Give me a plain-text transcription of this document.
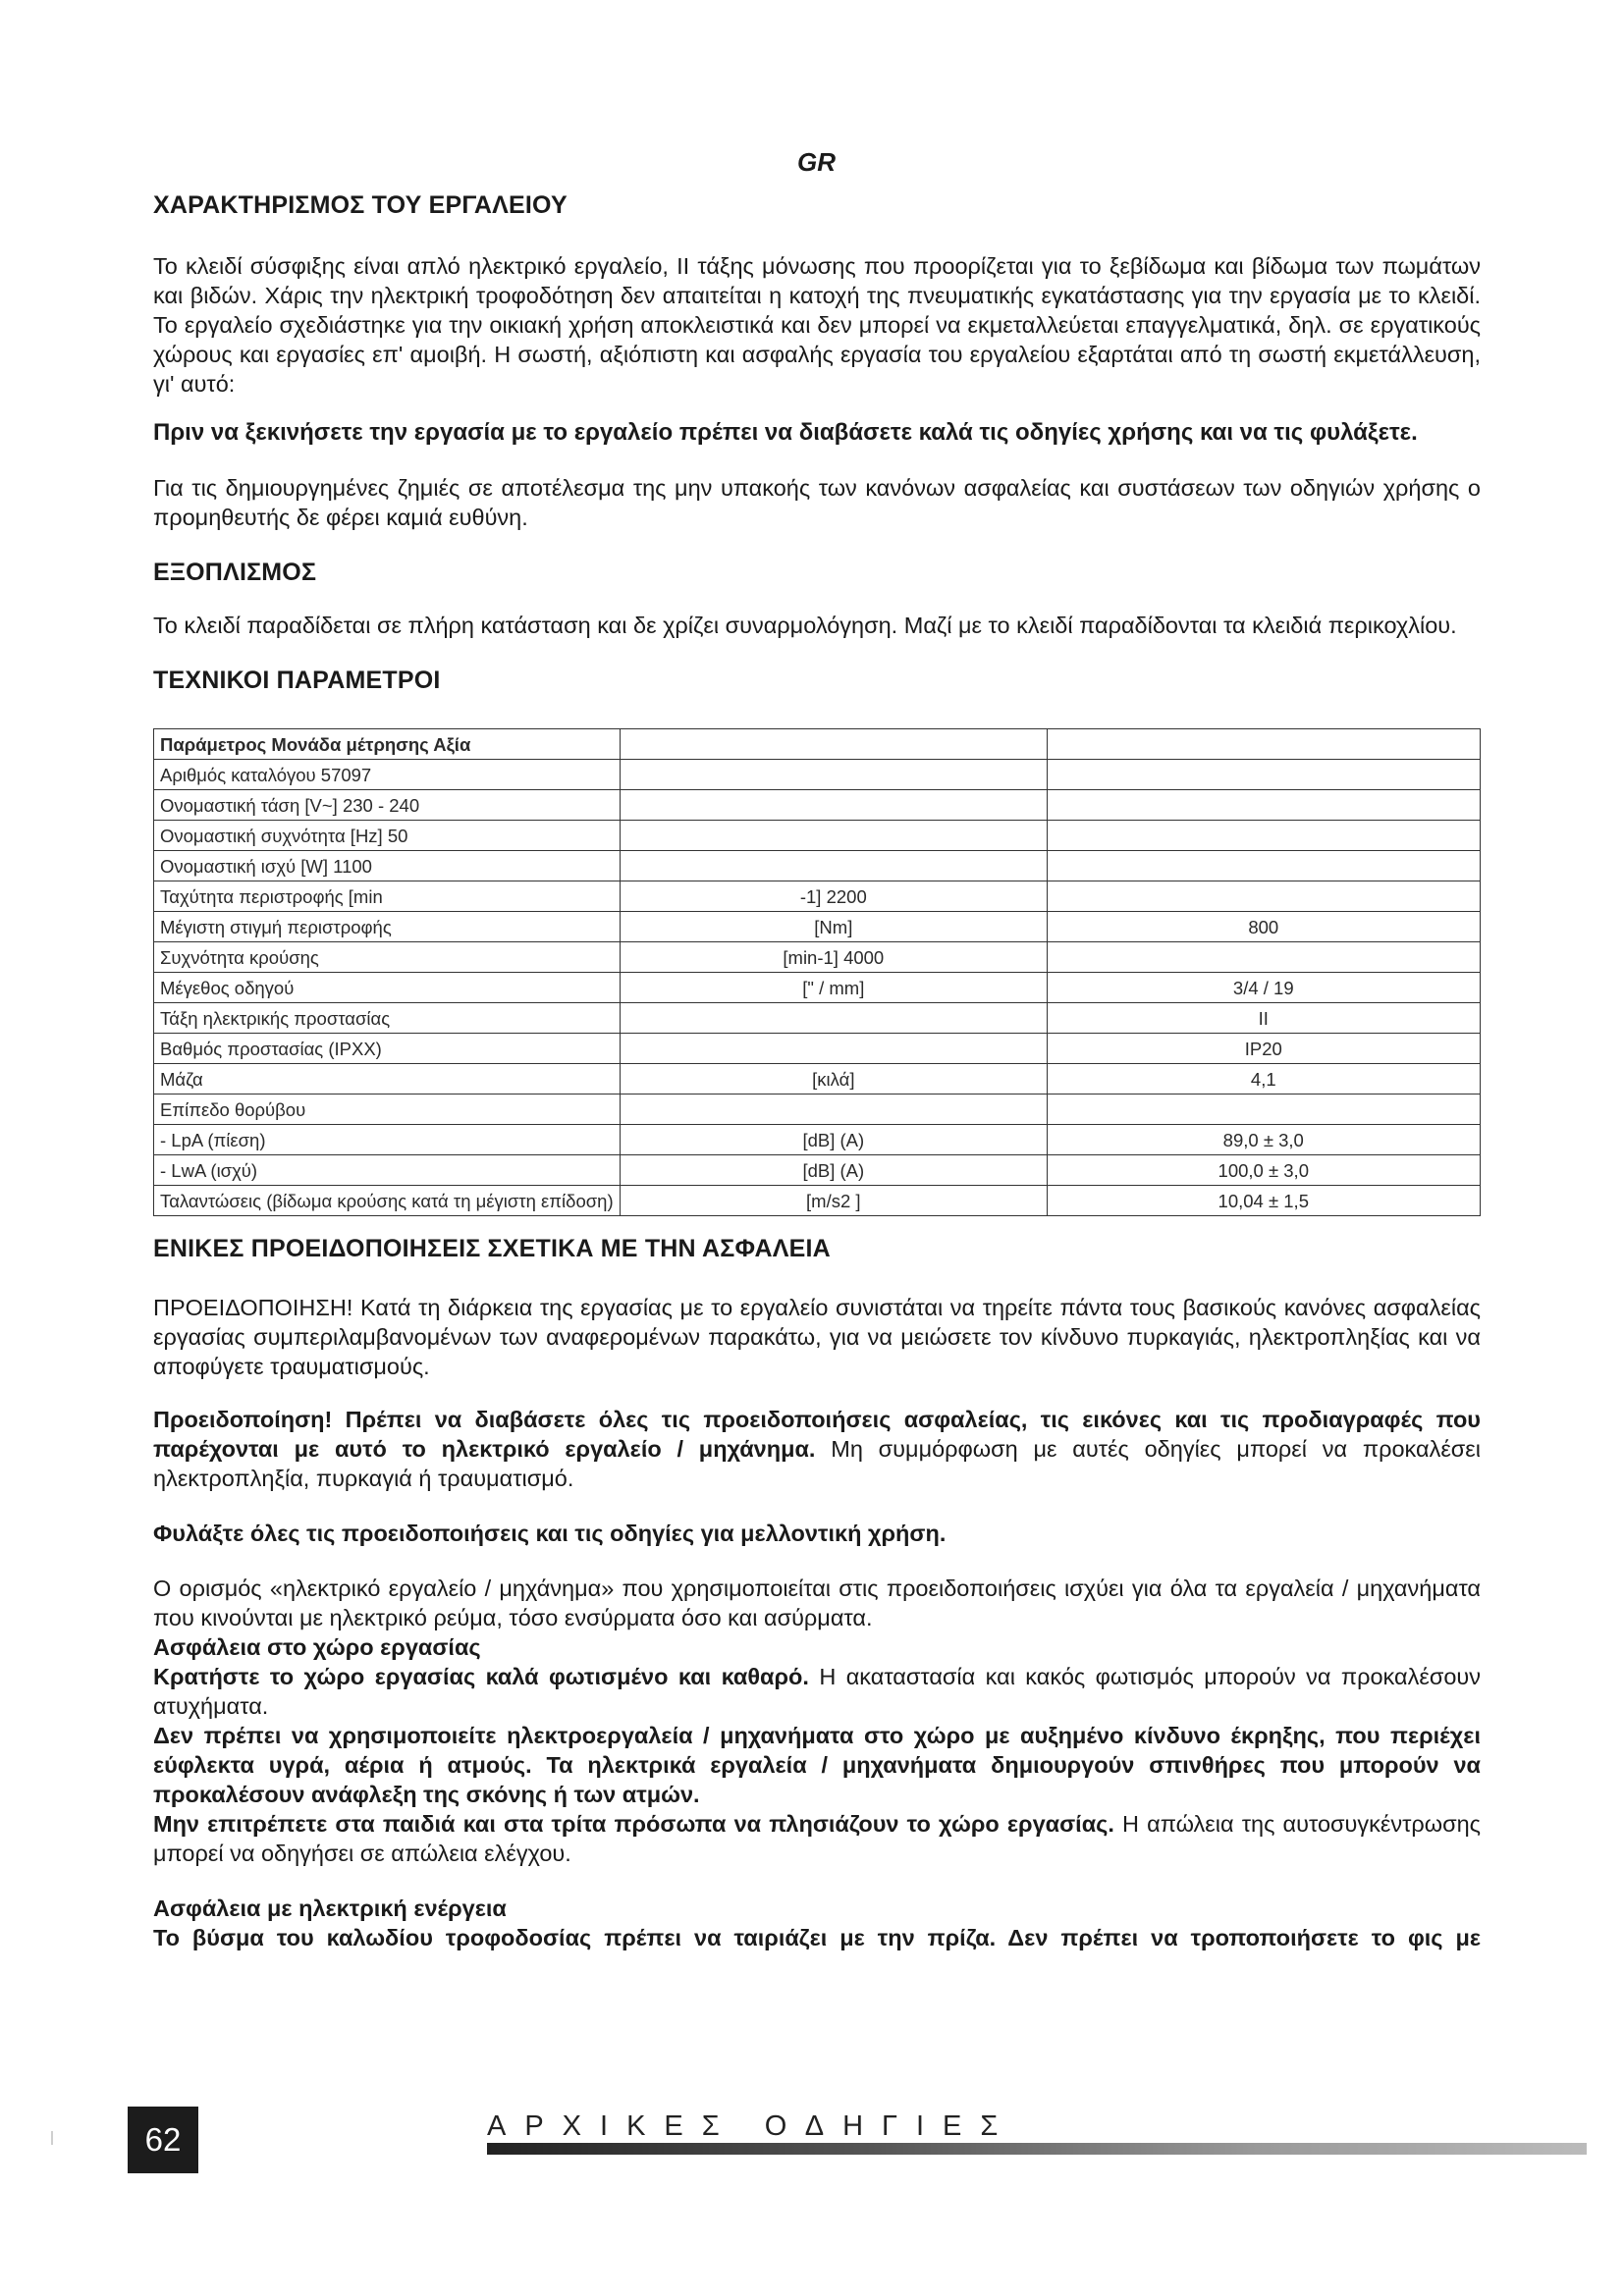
GR
ΧΑΡΑΚΤΗΡΙΣΜΟΣ ΤΟΥ ΕΡΓΑΛΕΙΟΥ

Το κλειδί σύσφιξης είναι απλό ηλεκτρικό εργαλείο, II τάξης μόνωσης που προορίζεται για το ξεβίδωμα και βίδωμα των πωμάτων και βιδών. Χάρις την ηλεκτρική τροφοδότηση δεν απαιτείται η κατοχή της πνευματικής εγκατάστασης για την εργασία με το κλειδί. Το εργαλείο σχεδιάστηκε για την οικιακή χρήση αποκλειστικά και δεν μπορεί να εκμεταλλεύεται επαγγελματικά, δηλ. σε εργατικούς χώρους και εργασίες επ' αμοιβή. Η σωστή, αξιόπιστη και ασφαλής εργασία του εργαλείου εξαρτάται από τη σωστή εκμετάλλευση, γι' αυτό:

Πριν να ξεκινήσετε την εργασία με το εργαλείο πρέπει να διαβάσετε καλά τις οδηγίες χρήσης και να τις φυλάξετε.

Για τις δημιουργημένες ζημιές σε αποτέλεσμα της μην υπακοής των κανόνων ασφαλείας και συστάσεων των οδηγιών χρήσης ο προμηθευτής δε φέρει καμιά ευθύνη.

ΕΞΟΠΛΙΣΜΟΣ

Το κλειδί παραδίδεται σε πλήρη κατάσταση και δε χρίζει συναρμολόγηση. Μαζί με το κλειδί παραδίδονται τα κλειδιά περικοχλίου.

ΤΕΧΝΙΚΟΙ ΠΑΡΑΜΕΤΡΟΙ
Παράμετρος Μονάδα μέτρησης Αξία		
Αριθμός καταλόγου 57097		
Ονομαστική τάση [V~] 230 - 240		
Ονομαστική συχνότητα [Hz] 50		
Ονομαστική ισχύ [W] 1100		
Ταχύτητα περιστροφής [min	-1] 2200	
Μέγιστη στιγμή περιστροφής	[Nm]	800
Συχνότητα κρούσης	[min-1] 4000	
Μέγεθος οδηγού	[" / mm]	3/4 / 19
Τάξη ηλεκτρικής προστασίας		II
Βαθμός προστασίας (IPXX)		IP20
Μάζα	[κιλά]	4,1
Επίπεδο θορύβου		
- LpA (πίεση)	[dB] (A)	89,0 ± 3,0
- LwA (ισχύ)	[dB] (A)	100,0 ± 3,0
Ταλαντώσεις (βίδωμα κρούσης κατά τη μέγιστη επίδοση)	[m/s2 ]	10,04 ± 1,5
ΕΝΙΚΕΣ ΠΡΟΕΙΔΟΠΟΙΗΣΕΙΣ ΣΧΕΤΙΚΑ ΜΕ ΤΗΝ ΑΣΦΑΛΕΙΑ

ΠΡΟΕΙΔΟΠΟΙΗΣΗ! Κατά τη διάρκεια της εργασίας με το εργαλείο συνιστάται να τηρείτε πάντα τους βασικούς κανόνες ασφαλείας εργασίας συμπεριλαμβανομένων των αναφερομένων παρακάτω, για να μειώσετε τον κίνδυνο πυρκαγιάς, ηλεκτροπληξίας και να αποφύγετε τραυματισμούς.

Προειδοποίηση! Πρέπει να διαβάσετε όλες τις προειδοποιήσεις ασφαλείας, τις εικόνες και τις προδιαγραφές που παρέχονται με αυτό το ηλεκτρικό εργαλείο / μηχάνημα. Μη συμμόρφωση με αυτές οδηγίες μπορεί να προκαλέσει ηλεκτροπληξία, πυρκαγιά ή τραυματισμό.

Φυλάξτε όλες τις προειδοποιήσεις και τις οδηγίες για μελλοντική χρήση.

Ο ορισμός «ηλεκτρικό εργαλείο / μηχάνημα» που χρησιμοποιείται στις προειδοποιήσεις ισχύει για όλα τα εργαλεία / μηχανήματα που κινούνται με ηλεκτρικό ρεύμα, τόσο ενσύρματα όσο και ασύρματα.

Ασφάλεια στο χώρο εργασίας

Κρατήστε το χώρο εργασίας καλά φωτισμένο και καθαρό. Η ακαταστασία και κακός φωτισμός μπορούν να προκαλέσουν ατυχήματα.

Δεν πρέπει να χρησιμοποιείτε ηλεκτροεργαλεία / μηχανήματα στο χώρο με αυξημένο κίνδυνο έκρηξης, που περιέχει εύφλεκτα υγρά, αέρια ή ατμούς. Τα ηλεκτρικά εργαλεία / μηχανήματα δημιουργούν σπινθήρες που μπορούν να προκαλέσουν ανάφλεξη της σκόνης ή των ατμών.

Μην επιτρέπετε στα παιδιά και στα τρίτα πρόσωπα να πλησιάζουν το χώρο εργασίας. Η απώλεια της αυτοσυγκέντρωσης μπορεί να οδηγήσει σε απώλεια ελέγχου.

Ασφάλεια με ηλεκτρική ενέργεια

Το βύσμα του καλωδίου τροφοδοσίας πρέπει να ταιριάζει με την πρίζα. Δεν πρέπει να τροποποιήσετε το φις με

62	ΑΡΧΙΚΕΣ ΟΔΗΓΙΕΣ
